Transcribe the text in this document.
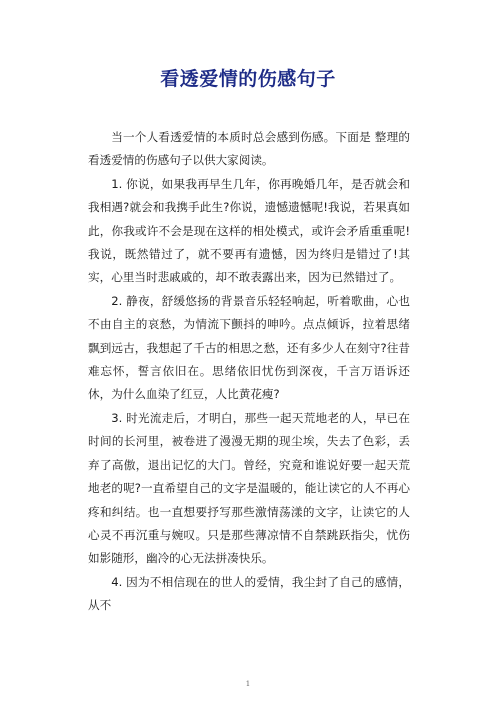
看透爱情的伤感句子

当一个人看透爱情的本质时总会感到伤感。下面是 整理的看透爱情的伤感句子以供大家阅读。

1. 你说，如果我再早生几年，你再晚婚几年，是否就会和我相遇?就会和我携手此生?你说，遗憾遗憾呢!我说，若果真如此，你我或许不会是现在这样的相处模式，或许会矛盾重重呢!我说，既然错过了，就不要再有遗憾，因为终归是错过了!其实，心里当时悲戚戚的，却不敢表露出来，因为已然错过了。

2. 静夜，舒缓悠扬的背景音乐轻轻响起，听着歌曲，心也不由自主的哀愁，为情流下颤抖的呻吟。点点倾诉，拉着思绪飘到远古，我想起了千古的相思之愁，还有多少人在刻守?往昔难忘怀，誓言依旧在。思绪依旧忧伤到深夜，千言万语诉还休，为什么血染了红豆，人比黄花瘦?

3. 时光流走后，才明白，那些一起天荒地老的人，早已在时间的长河里，被卷进了漫漫无期的现尘埃，失去了色彩，丢弃了高傲，退出记忆的大门。曾经，究竟和谁说好要一起天荒地老的呢?一直希望自己的文字是温暖的，能让读它的人不再心疼和纠结。也一直想要抒写那些激情荡漾的文字，让读它的人心灵不再沉重与婉叹。只是那些薄凉情不自禁跳跃指尖，忧伤如影随形，幽冷的心无法拼凑快乐。

4. 因为不相信现在的世人的爱情，我尘封了自己的感情，从不

1
